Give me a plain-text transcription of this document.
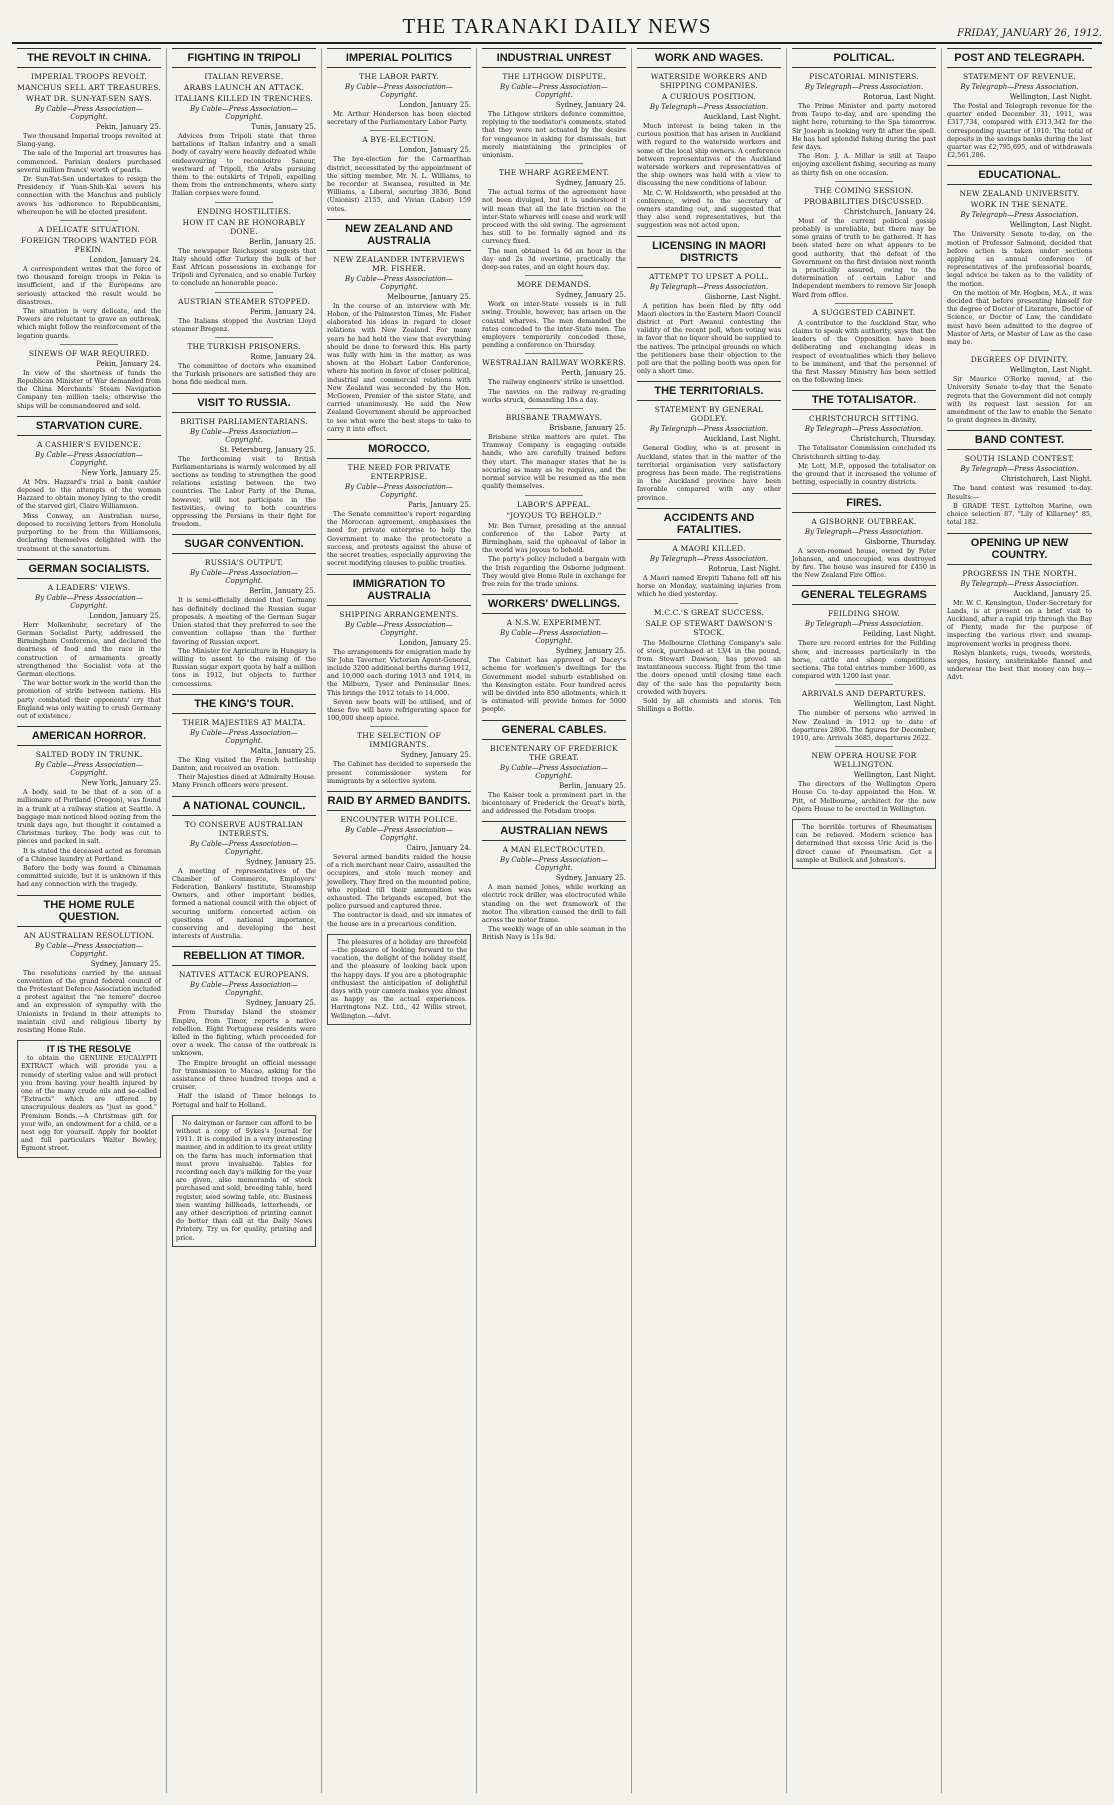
THE TARANAKI DAILY NEWS	FRIDAY, JANUARY 26, 1912.
THE REVOLT IN CHINA.
IMPERIAL TROOPS REVOLT.
MANCHUS SELL ART TREASURES.
WHAT DR. SUN-YAT-SEN SAYS.
By Cable—Press Association—Copyright.
Pekin, January 25.

Two thousand Imperial troops revolted at Siang-yang.

The sale of the Imperial art treasures has commenced. Parisian dealers purchased several million francs' worth of pearls.

Dr. Sun-Yat-Sen undertakes to resign the Presidency if Yuan-Shih-Kai severs his connection with the Manchus and publicly avows his adherence to Republicanism, whereupon he will be elected president.

A DELICATE SITUATION.
FOREIGN TROOPS WANTED FOR PEKIN.
London, January 24.

A correspondent writes that the force of two thousand foreign troops in Pekin is insufficient, and if the Europeans are seriously attacked the result would be disastrous.

The situation is very delicate, and the Powers are reluctant to grave an outbreak, which might follow the reinforcement of the legation guards.

SINEWS OF WAR REQUIRED.
Pekin, January 24.

In view of the shortness of funds the Republican Minister of War demanded from the China Merchants' Steam Navigation Company ten million taels; otherwise the ships will be commandeered and sold.

STARVATION CURE.
A CASHIER'S EVIDENCE.
By Cable—Press Association—Copyright.
New York, January 25.

At Mrs. Hazzard's trial a bank cashier deposed to the attempts of the woman Hazzard to obtain money lying to the credit of the starved girl, Claire Williamson.

Miss Conway, an Australian nurse, deposed to receiving letters from Honolulu purporting to be from the Williamsons, declaring themselves delighted with the treatment at the sanatorium.

GERMAN SOCIALISTS.
A LEADERS' VIEWS.
By Cable—Press Association—Copyright.
London, January 25.

Herr Molkenbuhr, secretary of the German Socialist Party, addressed the Birmingham Conference, and declared the dearness of food and the race in the construction of armaments greatly strengthened the Socialist vote at the German elections.

The war better work in the world than the promotion of strife between nations. His party combated their opponents' cry that England was only waiting to crush Germany out of existence.

AMERICAN HORROR.
SALTED BODY IN TRUNK.
By Cable—Press Association—Copyright.
New York, January 25.

A body, said to be that of a son of a millionaire of Portland (Oregon), was found in a trunk at a railway station at Seattle. A baggage man noticed blood oozing from the trunk days ago, but thought it contained a Christmas turkey. The body was cut to pieces and packed in salt.

It is stated the deceased acted as foreman of a Chinese laundry at Portland.

Before the body was found a Chinaman committed suicide, but it is unknown if this had any connection with the tragedy.

THE HOME RULE QUESTION.
AN AUSTRALIAN RESOLUTION.
By Cable—Press Association—Copyright.
Sydney, January 25.

The resolutions carried by the annual convention of the grand federal council of the Protestant Defence Association included a protest against the "ne temere" decree and an expression of sympathy with the Unionists in Ireland in their attempts to maintain civil and religious liberty by resisting Home Rule.

IT IS THE RESOLVE

to obtain the GENUINE EUCALYPTI EXTRACT which will provide you a remedy of sterling value and will protect you from having your health injured by one of the many crude oils and so-called "Extracts" which are offered by unscrupulous dealers as "just as good." Premium Bonds.—A Christmas gift for your wife, an endowment for a child, or a nest egg for yourself. Apply for booklet and full particulars Walter Bewley, Egmont street.

FIGHTING IN TRIPOLI
ITALIAN REVERSE.
ARABS LAUNCH AN ATTACK.
ITALIANS KILLED IN TRENCHES.
By Cable—Press Association—Copyright.
Tunis, January 25.

Advices from Tripoli state that three battalions of Italian infantry and a small body of cavalry were heavily defeated while endeavouring to reconnoitre Sanour, westward of Tripoli, the Arabs pursuing them to the outskirts of Tripoli, expelling them from the entrenchments, where sixty Italian corpses were found.

ENDING HOSTILITIES.
HOW IT CAN BE HONORABLY DONE.
Berlin, January 25.

The newspaper Reichspost suggests that Italy should offer Turkey the bulk of her East African possessions in exchange for Tripoli and Cyrenaica, and so enable Turkey to conclude an honorable peace.

AUSTRIAN STEAMER STOPPED.
Perim, January 24.

The Italians stopped the Austrian Lloyd steamer Bregenz.

THE TURKISH PRISONERS.
Rome, January 24.

The committee of doctors who examined the Turkish prisoners are satisfied they are bona fide medical men.

VISIT TO RUSSIA.
BRITISH PARLIAMENTARIANS.
By Cable—Press Association—Copyright.
St. Petersburg, January 25.

The forthcoming visit to British Parliamentarians is warmly welcomed by all sections as tending to strengthen the good relations existing between the two countries. The Labor Party of the Duma, however, will not participate in the festivities, owing to both countries oppressing the Persians in their fight for freedom.

SUGAR CONVENTION.
RUSSIA'S OUTPUT.
By Cable—Press Association—Copyright.
Berlin, January 25.

It is semi-officially denied that Germany has definitely declined the Russian sugar proposals. A meeting of the German Sugar Union stated that they preferred to see the convention collapse than the further favoring of Russian export.

The Minister for Agriculture in Hungary is willing to assent to the raising of the Russian sugar export quota by half a million tons in 1912, but objects to further concessions.

THE KING'S TOUR.
THEIR MAJESTIES AT MALTA.
By Cable—Press Association—Copyright.
Malta, January 25.

The King visited the French battleship Danton, and received an ovation.

Their Majesties dined at Admiralty House. Many French officers were present.

A NATIONAL COUNCIL.
TO CONSERVE AUSTRALIAN INTERESTS.
By Cable—Press Association—Copyright.
Sydney, January 25.

A meeting of representatives of the Chamber of Commerce, Employers' Federation, Bankers' Institute, Steamship Owners, and other important bodies, formed a national council with the object of securing uniform concerted action on questions of national importance, conserving and developing the best interests of Australia.

REBELLION AT TIMOR.
NATIVES ATTACK EUROPEANS.
By Cable—Press Association—Copyright.
Sydney, January 25.

From Thursday Island the steamer Empire, from Timor, reports a native rebellion. Eight Portuguese residents were killed in the fighting, which proceeded for over a week. The cause of the outbreak is unknown.

The Empire brought an official message for transmission to Macao, asking for the assistance of three hundred troops and a cruiser.

Half the island of Timor belongs to Portugal and half to Holland.

No dairyman or farmer can afford to be without a copy of Sykes's Journal for 1911. It is compiled in a very interesting manner, and in addition to its great utility on the farm has much information that must prove invaluable. Tables for recording each day's milking for the year are given, also memoranda of stock purchased and sold, breeding table, herd register, seed sowing table, etc. Business men wanting billheads, letterheads, or any other description of printing cannot do better than call at the Daily News Printery. Try us for quality, printing and price.

IMPERIAL POLITICS
THE LABOR PARTY.
By Cable—Press Association—Copyright.
London, January 25.

Mr. Arthur Henderson has been elected secretary of the Parliamentary Labor Party.

A BYE-ELECTION.
London, January 25.

The bye-election for the Carmarthan district, necessitated by the appointment of the sitting member, Mr. N. L. Williams, to be recorder at Swansea, resulted in Mr. Williams, a Liberal, securing 3836, Bond (Unionist) 2155, and Vivian (Labor) 159 votes.

NEW ZEALAND AND AUSTRALIA
NEW ZEALANDER INTERVIEWS MR. FISHER.
By Cable—Press Association—Copyright.
Melbourne, January 25.

In the course of an interview with Mr. Hoben, of the Palmerston Times, Mr. Fisher elaborated his ideas in regard to closer relations with New Zealand. For many years he had held the view that everything should be done to forward this. His party was fully with him in the matter, as was shown at the Hobart Labor Conference, where his motion in favor of closer political, industrial and commercial relations with New Zealand was seconded by the Hon. McGowen, Premier of the sister State, and carried unanimously. He said the New Zealand Government should be approached to see what were the best steps to take to carry it into effect.

MOROCCO.
THE NEED FOR PRIVATE ENTERPRISE.
By Cable—Press Association—Copyright.
Paris, January 25.

The Senate committee's report regarding the Moroccan agreement, emphasises the need for private enterprise to help the Government to make the protectorate a success, and protests against the abuse of the secret treaties, especially approving the secret modifying clauses to public treaties.

IMMIGRATION TO AUSTRALIA
SHIPPING ARRANGEMENTS.
By Cable—Press Association—Copyright.
London, January 25.

The arrangements for emigration made by Sir John Taverner, Victorian Agent-General, include 3200 additional berths during 1912, and 10,000 each during 1913 and 1914, in the Milburn, Tyser and Peninsular lines. This brings the 1912 totals to 14,000.

Seven new boats will be utilised, and of these five will have refrigerating space for 100,000 sheep apiece.

THE SELECTION OF IMMIGRANTS.
Sydney, January 25.

The Cabinet has decided to supersede the present commissioner system for immigrants by a selective system.

RAID BY ARMED BANDITS.
ENCOUNTER WITH POLICE.
By Cable—Press Association—Copyright.
Cairo, January 24.

Several armed bandits raided the house of a rich merchant near Cairo, assaulted the occupiers, and stole much money and jewellery. They fired on the mounted police, who replied till their ammunition was exhausted. The brigands escaped, but the police pursued and captured three.

The contractor is dead, and six inmates of the house are in a precarious condition.

The pleasures of a holiday are threefold—the pleasure of looking forward to the vacation, the delight of the holiday itself, and the pleasure of looking back upon the happy days. If you are a photographic enthusiast the anticipation of delightful days with your camera makes you almost as happy as the actual experiences. Harringtons N.Z. Ltd., 42 Willis street, Wellington.—Advt.

INDUSTRIAL UNREST
THE LITHGOW DISPUTE.
By Cable—Press Association—Copyright.
Sydney, January 24.

The Lithgow strikers defence committee, replying to the mediator's comments, stated that they were not actuated by the desire for vengeance in asking for dismissals, but merely maintaining the principles of unionism.

THE WHARF AGREEMENT.
Sydney, January 25.

The actual terms of the agreement have not been divulged, but it is understood it will mean that all the late friction on the inter-State wharves will cease and work will proceed with the old swing. The agreement has still to be formally signed and its currency fixed.

The men obtained 1s 6d an hour in the day and 2s 3d overtime, practically the deep-sea rates, and an eight hours day.

MORE DEMANDS.
Sydney, January 25.

Work on inter-State vessels is in full swing. Trouble, however, has arisen on the coastal wharves. The men demanded the rates conceded to the inter-State men. The employers temporarily conceded these, pending a conference on Thursday.

WESTRALIAN RAILWAY WORKERS.
Perth, January 25.

The railway engineers' strike is unsettled.

The navvies on the railway re-grading works struck, demanding 10s a day.

BRISBANE TRAMWAYS.
Brisbane, January 25.

Brisbane strike matters are quiet. The Tramway Company is engaging outside hands, who are carefully trained before they start. The manager states that he is securing as many as he requires, and the normal service will be resumed as the men qualify themselves.

LABOR'S APPEAL.
"JOYOUS TO BEHOLD."

Mr. Ben Turner, presiding at the annual conference of the Labor Party at Birmingham, said the upheaval of labor in the world was joyous to behold.

The party's policy included a bargain with the Irish regarding the Osborne judgment. They would give Home Rule in exchange for free rein for the trade unions.

WORKERS' DWELLINGS.
A N.S.W. EXPERIMENT.
By Cable—Press Association—Copyright.
Sydney, January 25.

The Cabinet has approved of Dacey's scheme for workmen's dwellings for the Government model suburb established on the Kensington estate. Four hundred acres will be divided into 850 allotments, which it is estimated will provide homes for 5000 people.

GENERAL CABLES.
BICENTENARY OF FREDERICK THE GREAT.
By Cable—Press Association—Copyright.
Berlin, January 25.

The Kaiser took a prominent part in the bicentenary of Frederick the Great's birth, and addressed the Potsdam troops.

AUSTRALIAN NEWS
A MAN ELECTROCUTED.
By Cable—Press Association—Copyright.
Sydney, January 25.

A man named Jones, while working an electric rock driller, was electrocuted while standing on the wet framework of the motor. The vibration caused the drill to fall across the motor frame.

The weekly wage of an able seaman in the British Navy is 11s 8d.

WORK AND WAGES.
WATERSIDE WORKERS AND SHIPPING COMPANIES.
A CURIOUS POSITION.
By Telegraph—Press Association.
Auckland, Last Night.

Much interest is being taken in the curious position that has arisen in Auckland with regard to the waterside workers and some of the local ship owners. A conference between representatives of the Auckland waterside workers and representatives of the ship owners was held with a view to discussing the new conditions of labour.

Mr. C. W. Holdsworth, who presided at the conference, wired to the secretary of owners standing out, and suggested that they also send representatives, but the suggestion was not acted upon.

LICENSING IN MAORI DISTRICTS
ATTEMPT TO UPSET A POLL.
By Telegraph—Press Association.
Gisborne, Last Night.

A petition has been filed by fifty odd Maori electors in the Eastern Maori Council district at Port Awanui contesting the validity of the recent poll, when voting was in favor that no liquor should be supplied to the natives. The principal grounds on which the petitioners base their objection to the poll are that the polling booth was open for only a short time.

THE TERRITORIALS.
STATEMENT BY GENERAL GODLEY.
By Telegraph—Press Association.
Auckland, Last Night.

General Godley, who is at present in Auckland, states that in the matter of the territorial organisation very satisfactory progress has been made. The registrations in the Auckland province have been favorable compared with any other province.

ACCIDENTS AND FATALITIES.
A MAORI KILLED.
By Telegraph—Press Association.
Rotorua, Last Night.

A Maori named Erepiti Tahana fell off his horse on Monday, sustaining injuries from which he died yesterday.

M.C.C.'S GREAT SUCCESS.
SALE OF STEWART DAWSON'S STOCK.

The Melbourne Clothing Company's sale of stock, purchased at 13/4 in the pound, from Stewart Dawson, has proved an instantaneous success. Right from the time the doors opened until closing time each day of the sale has the popularity been crowded with buyers.

Sold by all chemists and stores. Ten Shillings a Bottle.

POLITICAL.
PISCATORIAL MINISTERS.
By Telegraph—Press Association.
Rotorua, Last Night.

The Prime Minister and party motored from Taupo to-day, and are spending the night here, returning to the Spa tomorrow. Sir Joseph is looking very fit after the spell. He has had splendid fishing during the past few days.

The Hon. J. A. Millar is still at Taupo enjoying excellent fishing, securing as many as thirty fish on one occasion.

THE COMING SESSION.
PROBABILITIES DISCUSSED.
Christchurch, January 24.

Most of the current political gossip probably is unreliable, but there may be some grains of truth to be gathered. It has been stated here on what appears to be good authority, that the defeat of the Government on the first division next month is practically assured, owing to the determination of certain Labor and Independent members to remove Sir Joseph Ward from office.

A SUGGESTED CABINET.

A contributor to the Auckland Star, who claims to speak with authority, says that the leaders of the Opposition have been deliberating and exchanging ideas in respect of eventualities which they believe to be imminent, and that the personnel of the first Massey Ministry has been settled on the following lines:

THE TOTALISATOR.
CHRISTCHURCH SITTING.
By Telegraph—Press Association.
Christchurch, Thursday.

The Totalisator Commission concluded its Christchurch sitting to-day.

Mr. Lott, M.P., opposed the totalisator on the ground that it increased the volume of betting, especially in country districts.

FIRES.
A GISBORNE OUTBREAK.
By Telegraph—Press Association.
Gisborne, Thursday.

A seven-roomed house, owned by Peter Johansen, and unoccupied, was destroyed by fire. The house was insured for £450 in the New Zealand Fire Office.

GENERAL TELEGRAMS
FEILDING SHOW.
By Telegraph—Press Association.
Feilding, Last Night.

There are record entries for the Feilding show, and increases particularly in the horse, cattle and sheep competitions sections. The total entries number 1600, as compared with 1200 last year.

ARRIVALS AND DEPARTURES.
Wellington, Last Night.

The number of persons who arrived in New Zealand in 1912 up to date of departures 2806. The figures for December, 1910, are: Arrivals 3685, departures 2622.

NEW OPERA HOUSE FOR WELLINGTON.
Wellington, Last Night.

The directors of the Wellington Opera House Co. to-day appointed the Hon. W. Pitt, of Melbourne, architect for the new Opera House to be erected in Wellington.

The horrible tortures of Rheumatism can be relieved. Modern science has determined that excess Uric Acid is the direct cause of Pneumatism. Get a sample at Bullock and Johnston's.

POST AND TELEGRAPH.
STATEMENT OF REVENUE.
By Telegraph—Press Association.
Wellington, Last Night.

The Postal and Telegraph revenue for the quarter ended December 31, 1911, was £317,734, compared with £313,342 for the corresponding quarter of 1910. The total of deposits in the savings banks during the last quarter was £2,795,695, and of withdrawals £2,561,286.

EDUCATIONAL.
NEW ZEALAND UNIVERSITY.
WORK IN THE SENATE.
By Telegraph—Press Association.
Wellington, Last Night.

The University Senate to-day, on the motion of Professor Salmond, decided that before action is taken under sections applying an annual conference of representatives of the professorial boards, legal advice be taken as to the validity of the motion.

On the motion of Mr. Hogben, M.A., it was decided that before presenting himself for the degree of Doctor of Literature, Doctor of Science, or Doctor of Law, the candidate must have been admitted to the degree of Master of Arts, or Master of Law as the case may be.

DEGREES OF DIVINITY.
Wellington, Last Night.

Sir Maurice O'Rorke moved, at the University Senate to-day that the Senate regrets that the Government did not comply with its request last session for an amendment of the law to enable the Senate to grant degrees in divinity.

BAND CONTEST.
SOUTH ISLAND CONTEST.
By Telegraph—Press Association.
Christchurch, Last Night.

The band contest was resumed to-day. Results:—

B GRADE TEST. Lyttelton Marine, own choice selection 87. "Lily of Killarney" 85, total 182.

OPENING UP NEW COUNTRY.
PROGRESS IN THE NORTH.
By Telegraph—Press Association.
Auckland, January 25.

Mr. W. C. Kensington, Under-Secretary for Lands, is at present on a brief visit to Auckland, after a rapid trip through the Bay of Plenty, made for the purpose of inspecting the various river and swamp-improvement works in progress there.

Roslyn blankets, rugs, tweeds, worsteds, serges, hosiery, unshrinkable flannel and underwear the best that money can buy.—Advt.
